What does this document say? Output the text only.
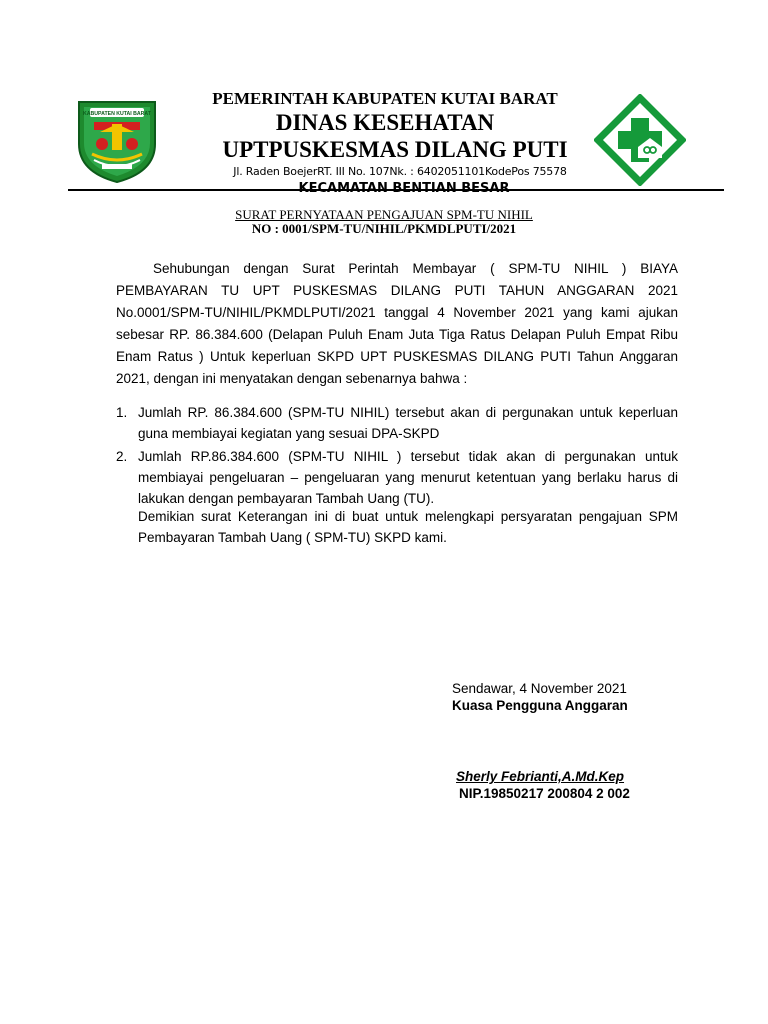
KABUPATEN KUTAI BARAT
PEMERINTAH KABUPATEN KUTAI BARAT
DINAS KESEHATAN
UPTPUSKESMAS DILANG PUTI
Jl. Raden BoejerRT. III No. 107Nk. : 6402051101KodePos 75578
SURAT PERNYATAAN PENGAJUAN SPM-TU NIHIL
NO : 0001/SPM-TU/NIHIL/PKMDLPUTI/2021

Sehubungan dengan Surat Perintah Membayar ( SPM-TU NIHIL ) BIAYA PEMBAYARAN TU UPT PUSKESMAS DILANG PUTI TAHUN ANGGARAN 2021 No.0001/SPM-TU/NIHIL/PKMDLPUTI/2021 tanggal 4 November 2021 yang kami ajukan sebesar RP. 86.384.600 (Delapan Puluh Enam Juta Tiga Ratus Delapan Puluh Empat Ribu Enam Ratus ) Untuk keperluan SKPD UPT PUSKESMAS DILANG PUTI Tahun Anggaran 2021, dengan ini menyatakan dengan sebenarnya bahwa :

1. Jumlah RP. 86.384.600 (SPM-TU NIHIL) tersebut akan di pergunakan untuk keperluan guna membiayai kegiatan yang sesuai DPA-SKPD
2. Jumlah RP.86.384.600 (SPM-TU NIHIL ) tersebut tidak akan di pergunakan untuk membiayai pengeluaran – pengeluaran yang menurut ketentuan yang berlaku harus di lakukan dengan pembayaran Tambah Uang (TU).

Demikian surat Keterangan ini di buat untuk melengkapi persyaratan pengajuan SPM Pembayaran Tambah Uang ( SPM-TU) SKPD kami.

Sendawar, 4 November 2021
Kuasa Pengguna Anggaran
Sherly Febrianti,A.Md.Kep
NIP.19850217 200804 2 002
